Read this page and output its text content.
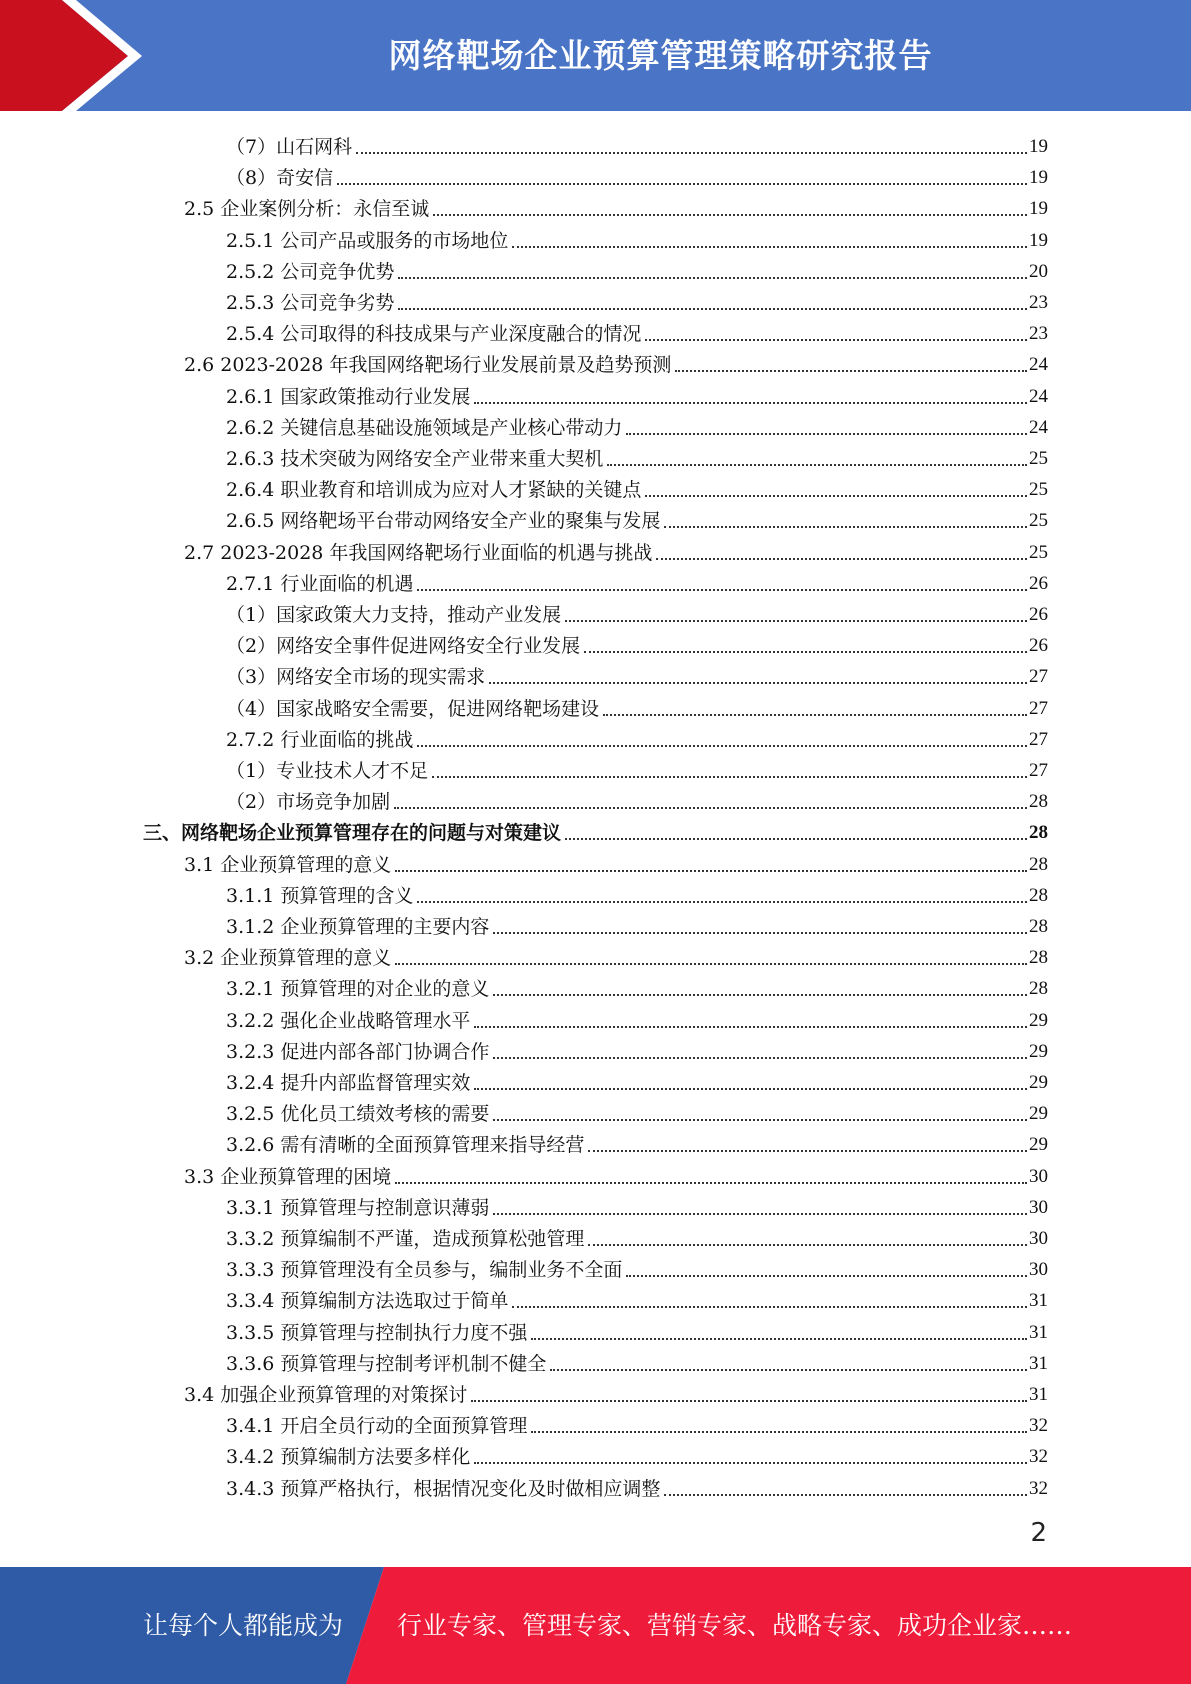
网络靶场企业预算管理策略研究报告
（7）山石网科	19
（8）奇安信	19
2.5 企业案例分析：永信至诚	19
2.5.1 公司产品或服务的市场地位	19
2.5.2 公司竞争优势	20
2.5.3 公司竞争劣势	23
2.5.4 公司取得的科技成果与产业深度融合的情况	23
2.6 2023-2028 年我国网络靶场行业发展前景及趋势预测	24
2.6.1 国家政策推动行业发展	24
2.6.2 关键信息基础设施领域是产业核心带动力	24
2.6.3 技术突破为网络安全产业带来重大契机	25
2.6.4 职业教育和培训成为应对人才紧缺的关键点	25
2.6.5 网络靶场平台带动网络安全产业的聚集与发展	25
2.7 2023-2028 年我国网络靶场行业面临的机遇与挑战	25
2.7.1 行业面临的机遇	26
（1）国家政策大力支持，推动产业发展	26
（2）网络安全事件促进网络安全行业发展	26
（3）网络安全市场的现实需求	27
（4）国家战略安全需要，促进网络靶场建设	27
2.7.2 行业面临的挑战	27
（1）专业技术人才不足	27
（2）市场竞争加剧	28
三、网络靶场企业预算管理存在的问题与对策建议	28
3.1 企业预算管理的意义	28
3.1.1 预算管理的含义	28
3.1.2 企业预算管理的主要内容	28
3.2 企业预算管理的意义	28
3.2.1 预算管理的对企业的意义	28
3.2.2 强化企业战略管理水平	29
3.2.3 促进内部各部门协调合作	29
3.2.4 提升内部监督管理实效	29
3.2.5 优化员工绩效考核的需要	29
3.2.6 需有清晰的全面预算管理来指导经营	29
3.3 企业预算管理的困境	30
3.3.1 预算管理与控制意识薄弱	30
3.3.2 预算编制不严谨，造成预算松弛管理	30
3.3.3 预算管理没有全员参与，编制业务不全面	30
3.3.4 预算编制方法选取过于简单	31
3.3.5 预算管理与控制执行力度不强	31
3.3.6 预算管理与控制考评机制不健全	31
3.4 加强企业预算管理的对策探讨	31
3.4.1 开启全员行动的全面预算管理	32
3.4.2 预算编制方法要多样化	32
3.4.3 预算严格执行，根据情况变化及时做相应调整	32
2
让每个人都能成为 行业专家、管理专家、营销专家、战略专家、成功企业家……
